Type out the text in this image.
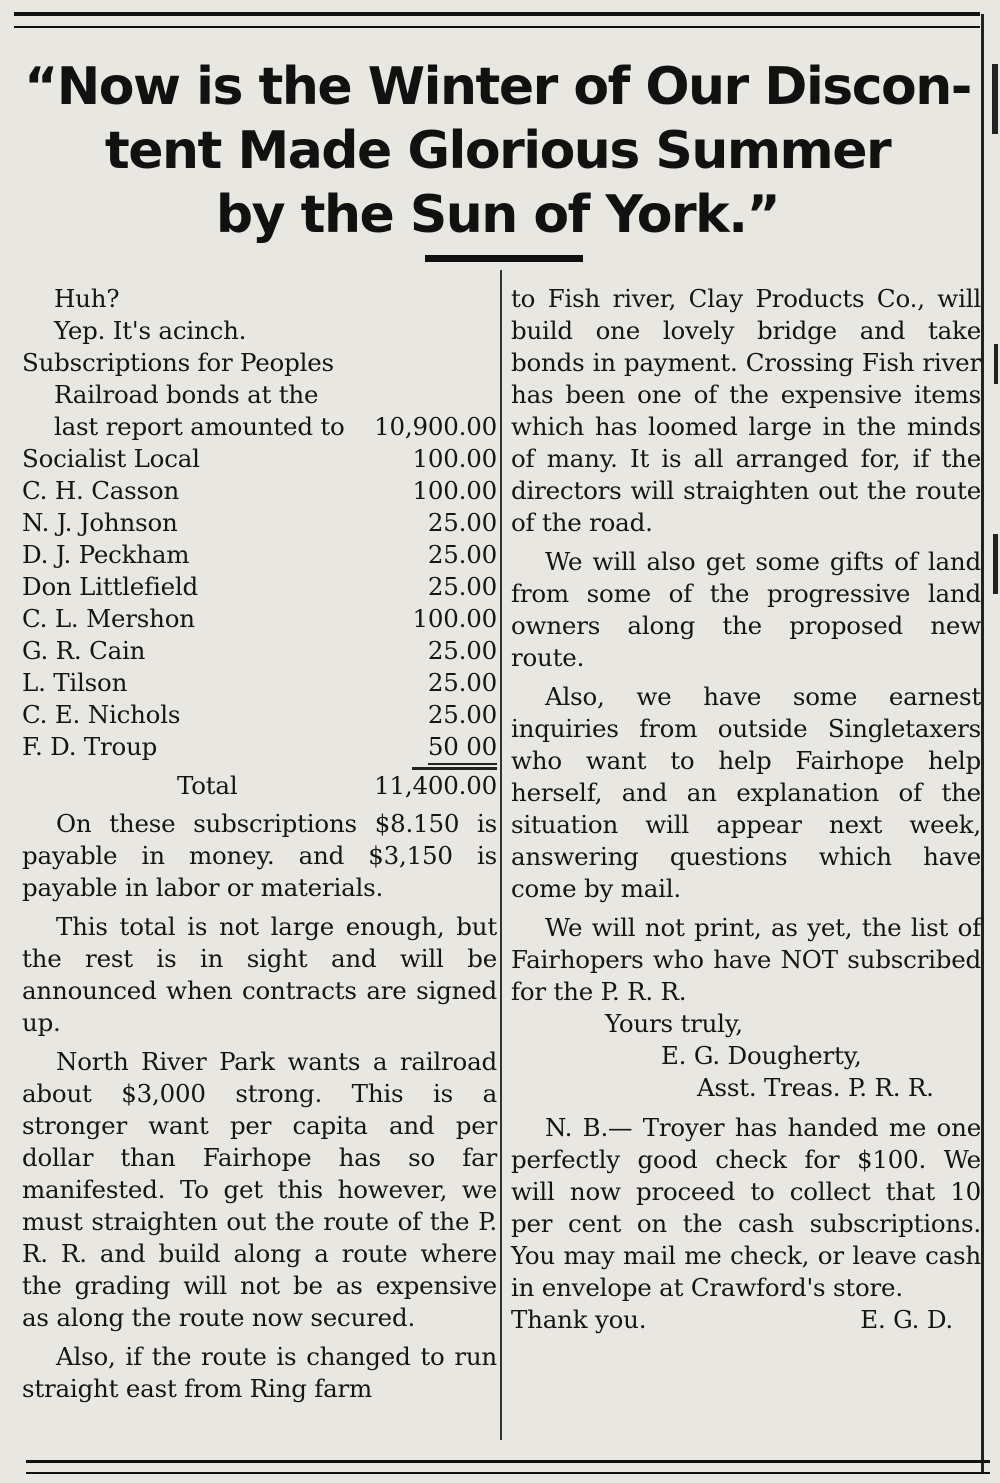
“Now is the Winter of Our Discon-
tent Made Glorious Summer
by the Sun of York.”
Huh?
Yep. It's acinch.
Subscriptions for Peoples
Railroad bonds at the
last report amounted to 10,900.00
Socialist Local	100.00
C. H. Casson	100.00
N. J. Johnson	25.00
D. J. Peckham	25.00
Don Littlefield	25.00
C. L. Mershon	100.00
G. R. Cain	25.00
L. Tilson	25.00
C. E. Nichols	25.00
F. D. Troup	50 00
Total	11,400.00

On these subscriptions $8.150 is payable in money. and $3,150 is payable in labor or materials.

This total is not large enough, but the rest is in sight and will be announced when contracts are signed up.

North River Park wants a railroad about $3,000 strong. This is a stronger want per capita and per dollar than Fairhope has so far manifested. To get this however, we must straighten out the route of the P. R. R. and build along a route where the grading will not be as expensive as along the route now secured.

Also, if the route is changed to run straight east from Ring farm

to Fish river, Clay Products Co., will build one lovely bridge and take bonds in payment. Crossing Fish river has been one of the expensive items which has loomed large in the minds of many. It is all arranged for, if the directors will straighten out the route of the road.

We will also get some gifts of land from some of the progressive land owners along the proposed new route.

Also, we have some earnest inquiries from outside Singletaxers who want to help Fairhope help herself, and an explanation of the situation will appear next week, answering questions which have come by mail.

We will not print, as yet, the list of Fairhopers who have NOT subscribed for the P. R. R.

Yours truly,
E. G. Dougherty,
Asst. Treas. P. R. R.

N. B.— Troyer has handed me one perfectly good check for $100. We will now proceed to collect that 10 per cent on the cash subscriptions. You may mail me check, or leave cash in envelope at Crawford's store.

Thank you.	E. G. D.
